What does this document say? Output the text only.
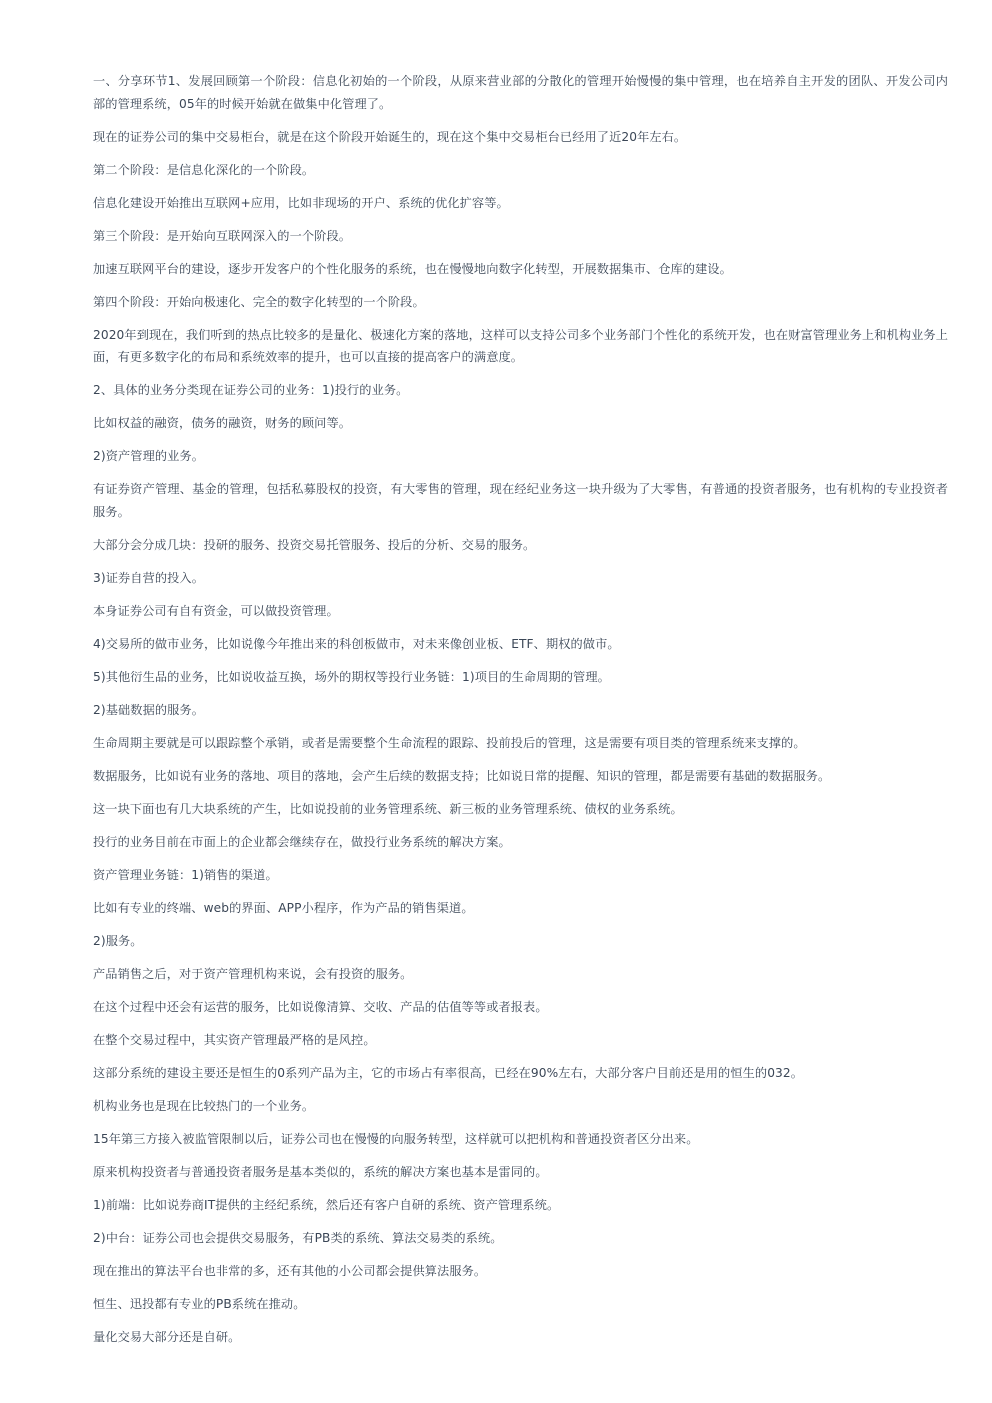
一、分享环节1、发展回顾第一个阶段：信息化初始的一个阶段，从原来营业部的分散化的管理开始慢慢的集中管理，也在培养自主开发的团队、开发公司内部的管理系统，05年的时候开始就在做集中化管理了。

现在的证券公司的集中交易柜台，就是在这个阶段开始诞生的，现在这个集中交易柜台已经用了近20年左右。

第二个阶段：是信息化深化的一个阶段。

信息化建设开始推出互联网+应用，比如非现场的开户、系统的优化扩容等。

第三个阶段：是开始向互联网深入的一个阶段。

加速互联网平台的建设，逐步开发客户的个性化服务的系统，也在慢慢地向数字化转型，开展数据集市、仓库的建设。

第四个阶段：开始向极速化、完全的数字化转型的一个阶段。

2020年到现在，我们听到的热点比较多的是量化、极速化方案的落地，这样可以支持公司多个业务部门个性化的系统开发，也在财富管理业务上和机构业务上面，有更多数字化的布局和系统效率的提升，也可以直接的提高客户的满意度。

2、具体的业务分类现在证券公司的业务：1)投行的业务。

比如权益的融资，债务的融资，财务的顾问等。

2)资产管理的业务。

有证券资产管理、基金的管理，包括私募股权的投资，有大零售的管理，现在经纪业务这一块升级为了大零售，有普通的投资者服务，也有机构的专业投资者服务。

大部分会分成几块：投研的服务、投资交易托管服务、投后的分析、交易的服务。

3)证券自营的投入。

本身证券公司有自有资金，可以做投资管理。

4)交易所的做市业务，比如说像今年推出来的科创板做市，对未来像创业板、ETF、期权的做市。

5)其他衍生品的业务，比如说收益互换，场外的期权等投行业务链：1)项目的生命周期的管理。

2)基础数据的服务。

生命周期主要就是可以跟踪整个承销，或者是需要整个生命流程的跟踪、投前投后的管理，这是需要有项目类的管理系统来支撑的。

数据服务，比如说有业务的落地、项目的落地，会产生后续的数据支持；比如说日常的提醒、知识的管理，都是需要有基础的数据服务。

这一块下面也有几大块系统的产生，比如说投前的业务管理系统、新三板的业务管理系统、债权的业务系统。

投行的业务目前在市面上的企业都会继续存在，做投行业务系统的解决方案。

资产管理业务链：1)销售的渠道。

比如有专业的终端、web的界面、APP小程序，作为产品的销售渠道。

2)服务。

产品销售之后，对于资产管理机构来说，会有投资的服务。

在这个过程中还会有运营的服务，比如说像清算、交收、产品的估值等等或者报表。

在整个交易过程中，其实资产管理最严格的是风控。

这部分系统的建设主要还是恒生的0系列产品为主，它的市场占有率很高，已经在90%左右，大部分客户目前还是用的恒生的032。

机构业务也是现在比较热门的一个业务。

15年第三方接入被监管限制以后，证券公司也在慢慢的向服务转型，这样就可以把机构和普通投资者区分出来。

原来机构投资者与普通投资者服务是基本类似的，系统的解决方案也基本是雷同的。

1)前端：比如说券商IT提供的主经纪系统，然后还有客户自研的系统、资产管理系统。

2)中台：证券公司也会提供交易服务，有PB类的系统、算法交易类的系统。

现在推出的算法平台也非常的多，还有其他的小公司都会提供算法服务。

恒生、迅投都有专业的PB系统在推动。

量化交易大部分还是自研。
